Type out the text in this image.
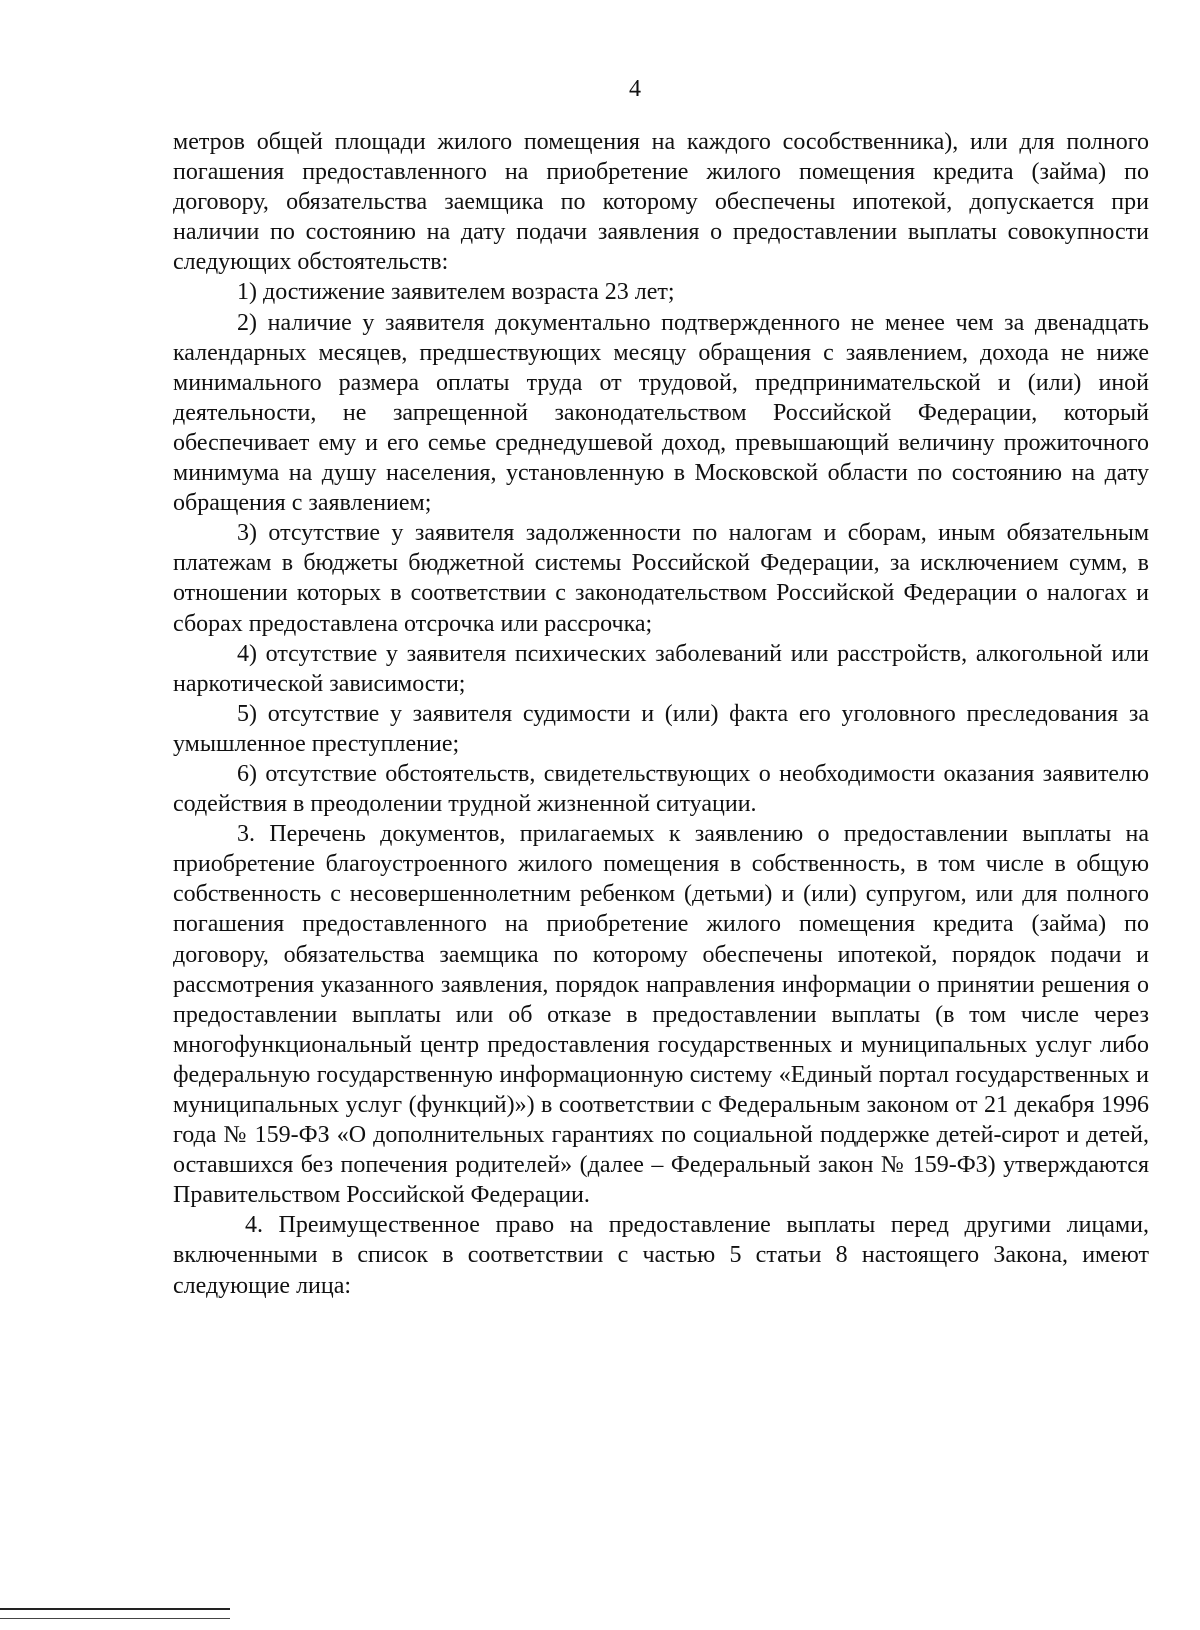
4

метров общей площади жилого помещения на каждого сособственника), или для полного погашения предоставленного на приобретение жилого помещения кредита (займа) по договору, обязательства заемщика по которому обеспечены ипотекой, допускается при наличии по состоянию на дату подачи заявления о предоставлении выплаты совокупности следующих обстоятельств:

1) достижение заявителем возраста 23 лет;

2) наличие у заявителя документально подтвержденного не менее чем за двенадцать календарных месяцев, предшествующих месяцу обращения с заявлением, дохода не ниже минимального размера оплаты труда от трудовой, предпринимательской и (или) иной деятельности, не запрещенной законодательством Российской Федерации, который обеспечивает ему и его семье среднедушевой доход, превышающий величину прожиточного минимума на душу населения, установленную в Московской области по состоянию на дату обращения с заявлением;

3) отсутствие у заявителя задолженности по налогам и сборам, иным обязательным платежам в бюджеты бюджетной системы Российской Федерации, за исключением сумм, в отношении которых в соответствии с законодательством Российской Федерации о налогах и сборах предоставлена отсрочка или рассрочка;

4) отсутствие у заявителя психических заболеваний или расстройств, алкогольной или наркотической зависимости;

5) отсутствие у заявителя судимости и (или) факта его уголовного преследования за умышленное преступление;

6) отсутствие обстоятельств, свидетельствующих о необходимости оказания заявителю содействия в преодолении трудной жизненной ситуации.

3. Перечень документов, прилагаемых к заявлению о предоставлении выплаты на приобретение благоустроенного жилого помещения в собственность, в том числе в общую собственность с несовершеннолетним ребенком (детьми) и (или) супругом, или для полного погашения предоставленного на приобретение жилого помещения кредита (займа) по договору, обязательства заемщика по которому обеспечены ипотекой, порядок подачи и рассмотрения указанного заявления, порядок направления информации о принятии решения о предоставлении выплаты или об отказе в предоставлении выплаты (в том числе через многофункциональный центр предоставления государственных и муниципальных услуг либо федеральную государственную информационную систему «Единый портал государственных и муниципальных услуг (функций)») в соответствии с Федеральным законом от 21 декабря 1996 года № 159-ФЗ «О дополнительных гарантиях по социальной поддержке детей-сирот и детей, оставшихся без попечения родителей» (далее – Федеральный закон № 159-ФЗ) утверждаются Правительством Российской Федерации.

4. Преимущественное право на предоставление выплаты перед другими лицами, включенными в список в соответствии с частью 5 статьи 8 настоящего Закона, имеют следующие лица:
